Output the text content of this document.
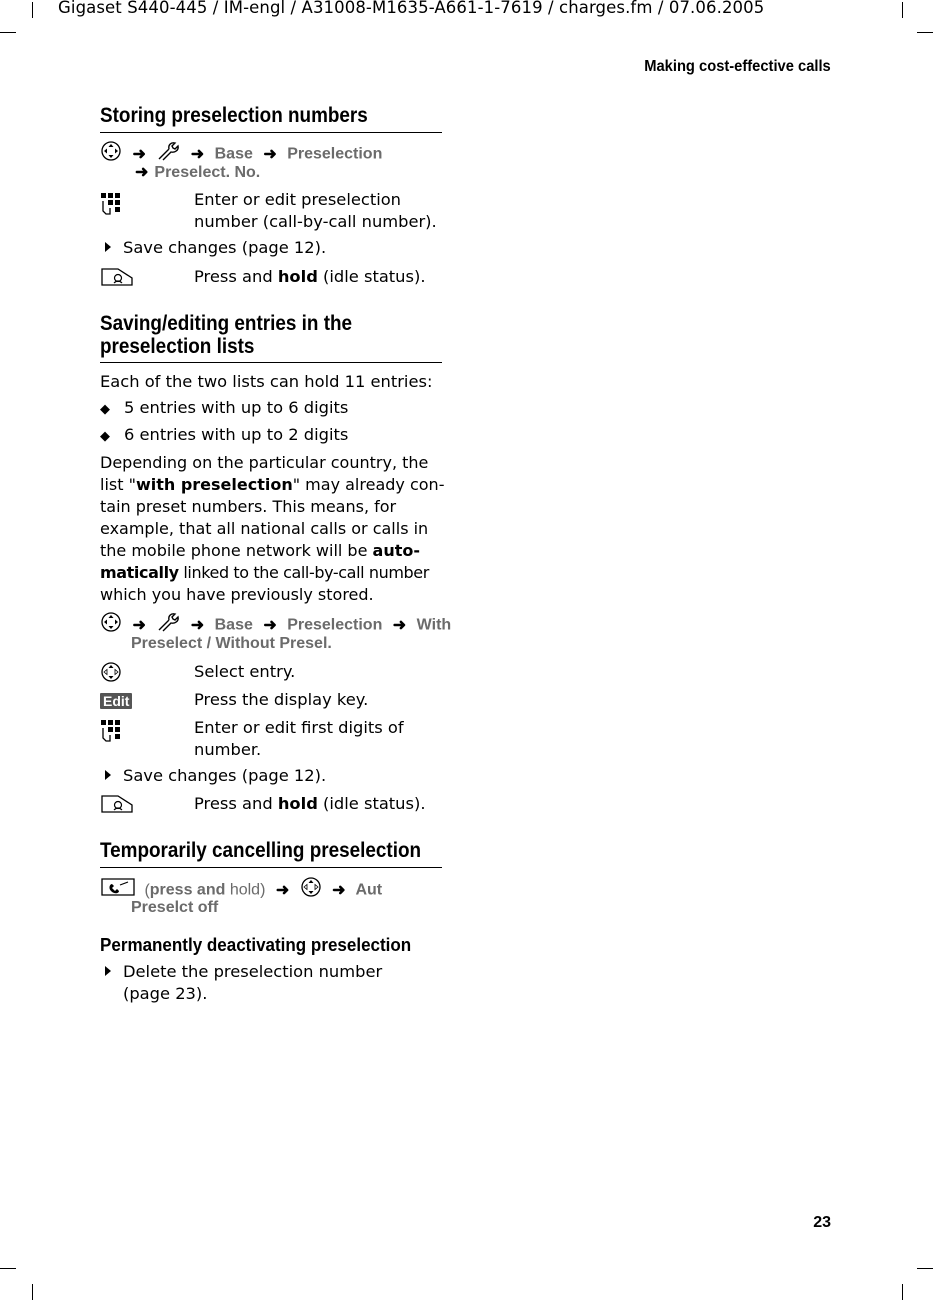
Gigaset S440-445 / IM-engl / A31008-M1635-A661-1-7619 / charges.fm / 07.06.2005
Making cost-effective calls
23
Storing preselection numbers
➜	➜ Base ➜ Preselection
➜ Preselect. No.
Enter or edit preselection
number (call-by-call number).
Save changes (page 12).
Press and hold (idle status).
Saving/editing entries in the
preselection lists
Each of the two lists can hold 11 entries:
◆ 5 entries with up to 6 digits
◆ 6 entries with up to 2 digits
Depending on the particular country, the
list "with preselection" may already con-
tain preset numbers. This means, for
example, that all national calls or calls in
the mobile phone network will be auto-
matically linked to the call-by-call number
which you have previously stored.
➜	➜ Base ➜ Preselection ➜ With
Preselect / Without Presel.
Select entry.
Edit	Press the display key.
Enter or edit first digits of
number.
Save changes (page 12).
Press and hold (idle status).
Temporarily cancelling preselection
(press and hold) ➜	➜ Aut
Preselct off
Permanently deactivating preselection
Delete the preselection number
(page 23).
